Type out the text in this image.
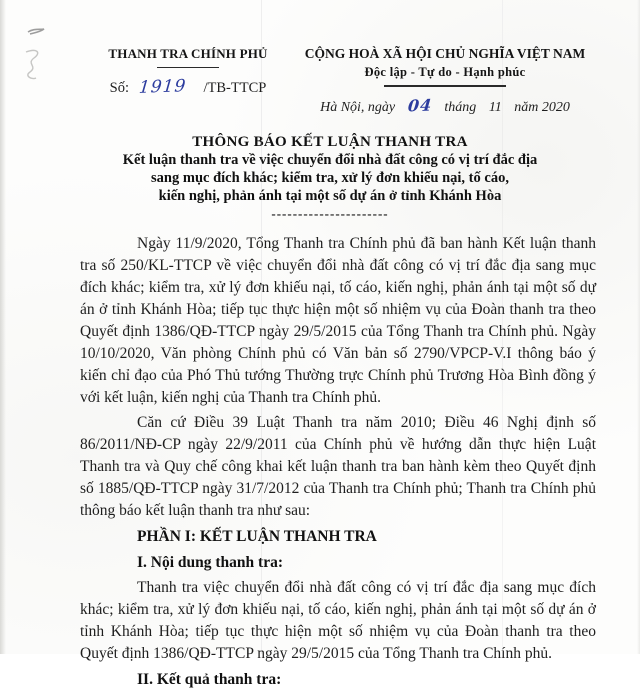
THANH TRA CHÍNH PHỦ
Số: 1919 /TB-TTCP
CỘNG HOÀ XÃ HỘI CHỦ NGHĨA VIỆT NAM
Độc lập - Tự do - Hạnh phúc
Hà Nội, ngày 04 tháng 11 năm 2020
THÔNG BÁO KẾT LUẬN THANH TRA
Kết luận thanh tra về việc chuyển đổi nhà đất công có vị trí đắc địa
sang mục đích khác; kiểm tra, xử lý đơn khiếu nại, tố cáo,
kiến nghị, phản ánh tại một số dự án ở tỉnh Khánh Hòa
----------------------

Ngày 11/9/2020, Tổng Thanh tra Chính phủ đã ban hành Kết luận thanh tra số 250/KL-TTCP về việc chuyển đổi nhà đất công có vị trí đắc địa sang mục đích khác; kiểm tra, xử lý đơn khiếu nại, tố cáo, kiến nghị, phản ánh tại một số dự án ở tỉnh Khánh Hòa; tiếp tục thực hiện một số nhiệm vụ của Đoàn thanh tra theo Quyết định 1386/QĐ-TTCP ngày 29/5/2015 của Tổng Thanh tra Chính phủ. Ngày 10/10/2020, Văn phòng Chính phủ có Văn bản số 2790/VPCP-V.I thông báo ý kiến chỉ đạo của Phó Thủ tướng Thường trực Chính phủ Trương Hòa Bình đồng ý với kết luận, kiến nghị của Thanh tra Chính phủ.

Căn cứ Điều 39 Luật Thanh tra năm 2010; Điều 46 Nghị định số 86/2011/NĐ-CP ngày 22/9/2011 của Chính phủ về hướng dẫn thực hiện Luật Thanh tra và Quy chế công khai kết luận thanh tra ban hành kèm theo Quyết định số 1885/QĐ-TTCP ngày 31/7/2012 của Thanh tra Chính phủ; Thanh tra Chính phủ thông báo kết luận thanh tra như sau:

PHẦN I: KẾT LUẬN THANH TRA

I. Nội dung thanh tra:

Thanh tra việc chuyển đổi nhà đất công có vị trí đắc địa sang mục đích khác; kiểm tra, xử lý đơn khiếu nại, tố cáo, kiến nghị, phản ánh tại một số dự án ở tỉnh Khánh Hòa; tiếp tục thực hiện một số nhiệm vụ của Đoàn thanh tra theo Quyết định 1386/QĐ-TTCP ngày 29/5/2015 của Tổng Thanh tra Chính phủ.

II. Kết quả thanh tra:
